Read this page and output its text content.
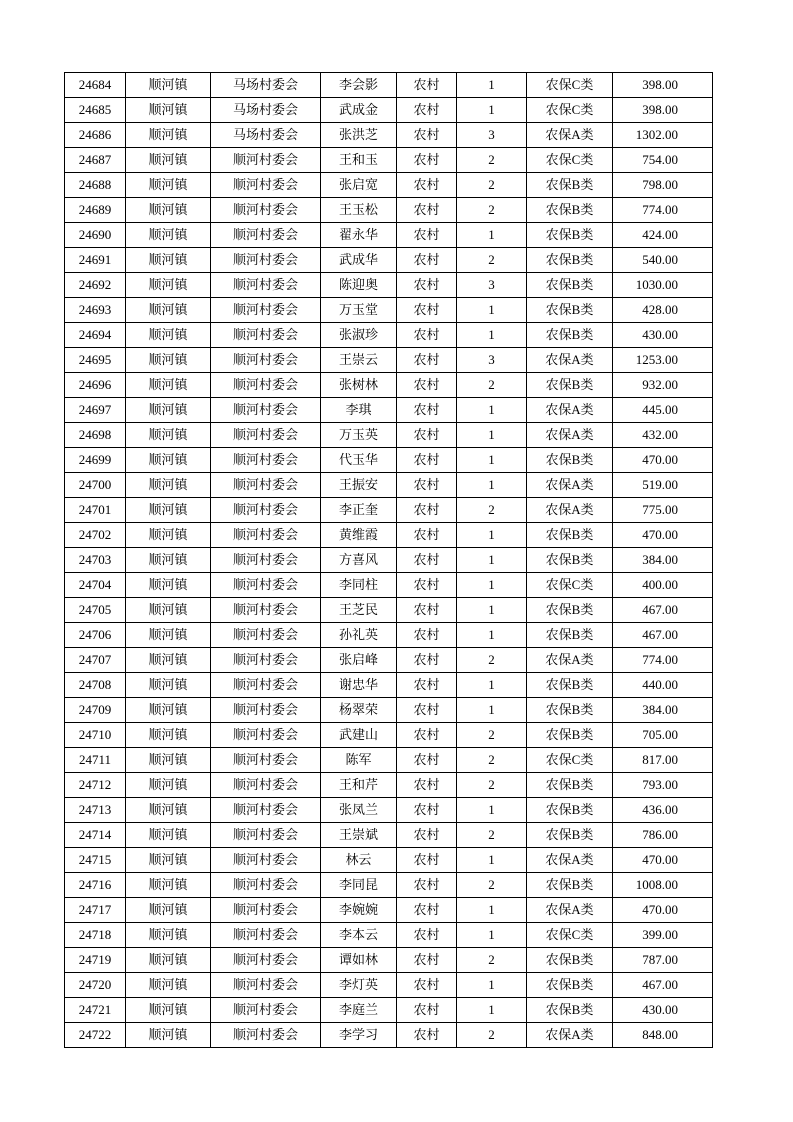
24684	顺河镇	马场村委会	李会影	农村	1	农保C类	398.00
24685	顺河镇	马场村委会	武成金	农村	1	农保C类	398.00
24686	顺河镇	马场村委会	张洪芝	农村	3	农保A类	1302.00
24687	顺河镇	顺河村委会	王和玉	农村	2	农保C类	754.00
24688	顺河镇	顺河村委会	张启宽	农村	2	农保B类	798.00
24689	顺河镇	顺河村委会	王玉松	农村	2	农保B类	774.00
24690	顺河镇	顺河村委会	翟永华	农村	1	农保B类	424.00
24691	顺河镇	顺河村委会	武成华	农村	2	农保B类	540.00
24692	顺河镇	顺河村委会	陈迎奥	农村	3	农保B类	1030.00
24693	顺河镇	顺河村委会	万玉堂	农村	1	农保B类	428.00
24694	顺河镇	顺河村委会	张淑珍	农村	1	农保B类	430.00
24695	顺河镇	顺河村委会	王崇云	农村	3	农保A类	1253.00
24696	顺河镇	顺河村委会	张树林	农村	2	农保B类	932.00
24697	顺河镇	顺河村委会	李琪	农村	1	农保A类	445.00
24698	顺河镇	顺河村委会	万玉英	农村	1	农保A类	432.00
24699	顺河镇	顺河村委会	代玉华	农村	1	农保B类	470.00
24700	顺河镇	顺河村委会	王振安	农村	1	农保A类	519.00
24701	顺河镇	顺河村委会	李正奎	农村	2	农保A类	775.00
24702	顺河镇	顺河村委会	黄维霞	农村	1	农保B类	470.00
24703	顺河镇	顺河村委会	方喜风	农村	1	农保B类	384.00
24704	顺河镇	顺河村委会	李同柱	农村	1	农保C类	400.00
24705	顺河镇	顺河村委会	王芝民	农村	1	农保B类	467.00
24706	顺河镇	顺河村委会	孙礼英	农村	1	农保B类	467.00
24707	顺河镇	顺河村委会	张启峰	农村	2	农保A类	774.00
24708	顺河镇	顺河村委会	谢忠华	农村	1	农保B类	440.00
24709	顺河镇	顺河村委会	杨翠荣	农村	1	农保B类	384.00
24710	顺河镇	顺河村委会	武建山	农村	2	农保B类	705.00
24711	顺河镇	顺河村委会	陈军	农村	2	农保C类	817.00
24712	顺河镇	顺河村委会	王和芹	农村	2	农保B类	793.00
24713	顺河镇	顺河村委会	张凤兰	农村	1	农保B类	436.00
24714	顺河镇	顺河村委会	王崇斌	农村	2	农保B类	786.00
24715	顺河镇	顺河村委会	林云	农村	1	农保A类	470.00
24716	顺河镇	顺河村委会	李同昆	农村	2	农保B类	1008.00
24717	顺河镇	顺河村委会	李婉婉	农村	1	农保A类	470.00
24718	顺河镇	顺河村委会	李本云	农村	1	农保C类	399.00
24719	顺河镇	顺河村委会	谭如林	农村	2	农保B类	787.00
24720	顺河镇	顺河村委会	李灯英	农村	1	农保B类	467.00
24721	顺河镇	顺河村委会	李庭兰	农村	1	农保B类	430.00
24722	顺河镇	顺河村委会	李学习	农村	2	农保A类	848.00
